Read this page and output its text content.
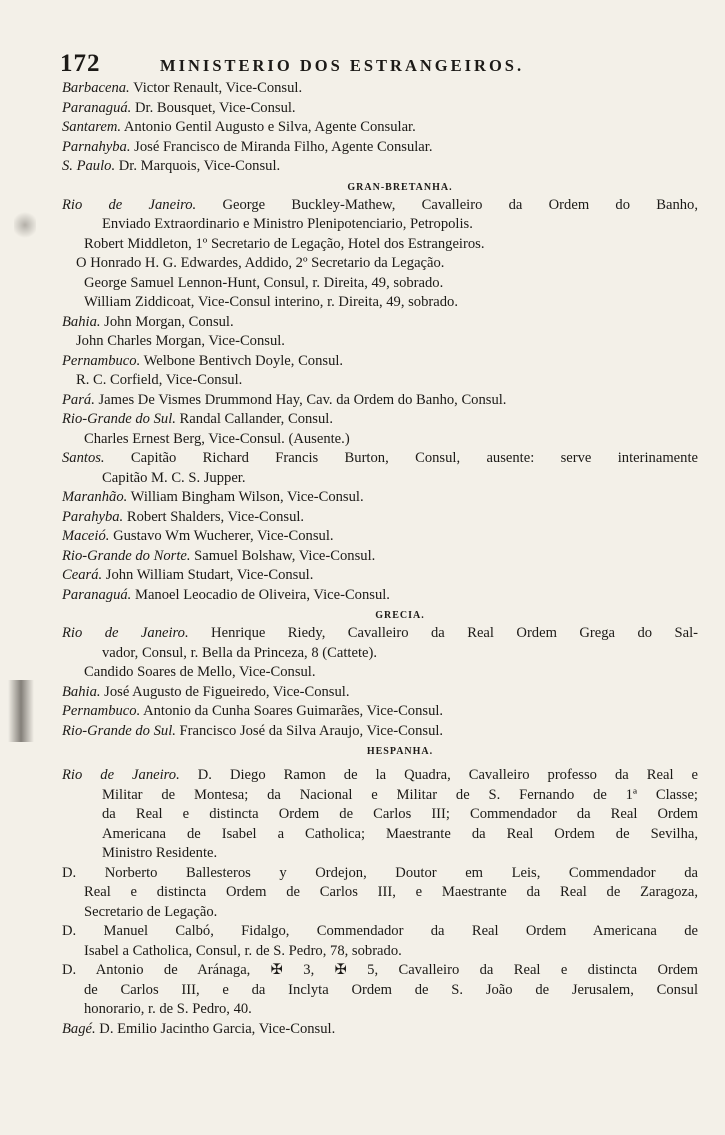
172	MINISTERIO DOS ESTRANGEIROS.
Barbacena. Victor Renault, Vice-Consul.
Paranaguá. Dr. Bousquet, Vice-Consul.
Santarem. Antonio Gentil Augusto e Silva, Agente Consular.
Parnahyba. José Francisco de Miranda Filho, Agente Consular.
S. Paulo. Dr. Marquois, Vice-Consul.
GRAN-BRETANHA.
Rio de Janeiro. George Buckley-Mathew, Cavalleiro da Ordem do Banho,
Enviado Extraordinario e Ministro Plenipotenciario, Petropolis.
Robert Middleton, 1º Secretario de Legação, Hotel dos Estrangeiros.
O Honrado H. G. Edwardes, Addido, 2º Secretario da Legação.
George Samuel Lennon-Hunt, Consul, r. Direita, 49, sobrado.
William Ziddicoat, Vice-Consul interino, r. Direita, 49, sobrado.
Bahia. John Morgan, Consul.
John Charles Morgan, Vice-Consul.
Pernambuco. Welbone Bentivch Doyle, Consul.
R. C. Corfield, Vice-Consul.
Pará. James De Vismes Drummond Hay, Cav. da Ordem do Banho, Consul.
Rio-Grande do Sul. Randal Callander, Consul.
Charles Ernest Berg, Vice-Consul. (Ausente.)
Santos. Capitão Richard Francis Burton, Consul, ausente: serve interinamente
Capitão M. C. S. Jupper.
Maranhão. William Bingham Wilson, Vice-Consul.
Parahyba. Robert Shalders, Vice-Consul.
Maceió. Gustavo Wm Wucherer, Vice-Consul.
Rio-Grande do Norte. Samuel Bolshaw, Vice-Consul.
Ceará. John William Studart, Vice-Consul.
Paranaguá. Manoel Leocadio de Oliveira, Vice-Consul.
GRECIA.
Rio de Janeiro. Henrique Riedy, Cavalleiro da Real Ordem Grega do Sal-
vador, Consul, r. Bella da Princeza, 8 (Cattete).
Candido Soares de Mello, Vice-Consul.
Bahia. José Augusto de Figueiredo, Vice-Consul.
Pernambuco. Antonio da Cunha Soares Guimarães, Vice-Consul.
Rio-Grande do Sul. Francisco José da Silva Araujo, Vice-Consul.
HESPANHA.
Rio de Janeiro. D. Diego Ramon de la Quadra, Cavalleiro professo da Real e
Militar de Montesa; da Nacional e Militar de S. Fernando de 1ª Classe;
da Real e distincta Ordem de Carlos III; Commendador da Real Ordem
Americana de Isabel a Catholica; Maestrante da Real Ordem de Sevilha,
Ministro Residente.
D. Norberto Ballesteros y Ordejon, Doutor em Leis, Commendador da
Real e distincta Ordem de Carlos III, e Maestrante da Real de Zaragoza,
Secretario de Legação.
D. Manuel Calbó, Fidalgo, Commendador da Real Ordem Americana de
Isabel a Catholica, Consul, r. de S. Pedro, 78, sobrado.
D. Antonio de Aránaga, ✠ 3, ✠ 5, Cavalleiro da Real e distincta Ordem
de Carlos III, e da Inclyta Ordem de S. João de Jerusalem, Consul
honorario, r. de S. Pedro, 40.
Bagé. D. Emilio Jacintho Garcia, Vice-Consul.
